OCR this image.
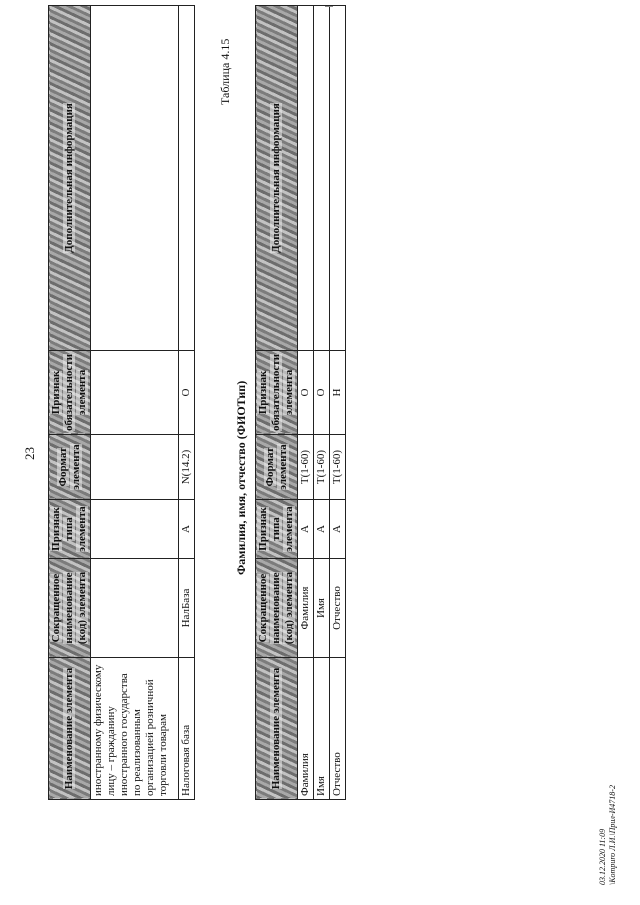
23
Наименование элемента	Сокращенное наименование (код) элемента	Признак типа элемента	Формат элемента	Признак обязательности элемента	Дополнительная информация
иностранному физическому лицу – гражданину иностранного государства по реализованным организацией розничной торговли товарам					
Налоговая база	НалБаза	А	N(14.2)	О	
Таблица 4.15
Фамилия, имя, отчество (ФИОТип)
Наименование элемента	Сокращенное наименование (код) элемента	Признак типа элемента	Формат элемента	Признак обязательности элемента	Дополнительная информация
Фамилия	Фамилия	А	T(1-60)	О	
Имя	Имя	А	T(1-60)	О	
Отчество	Отчество	А	T(1-60)	Н	
03.12.2020 11:09 \Kompuro Л.И.\Прил-И4718-2
